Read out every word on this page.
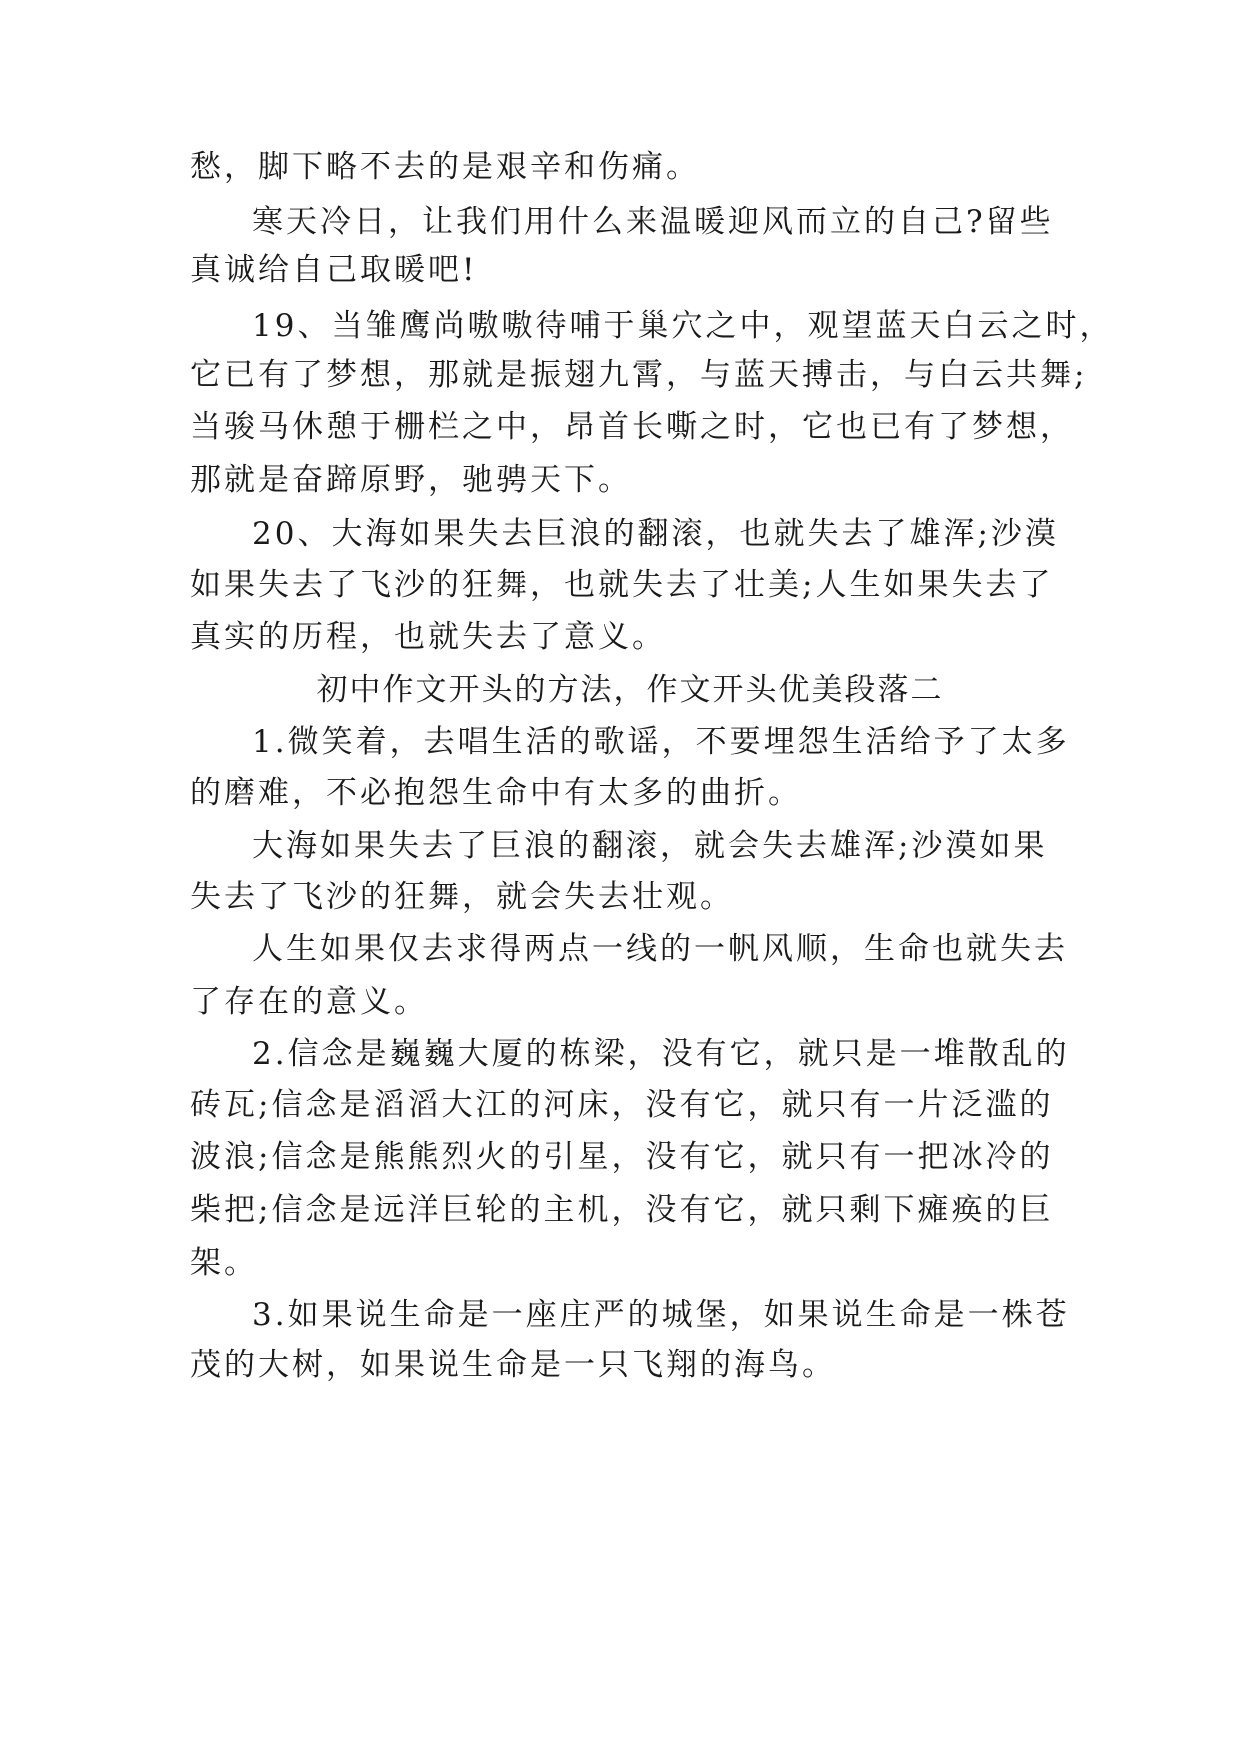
愁，脚下略不去的是艰辛和伤痛。
寒天冷日，让我们用什么来温暖迎风而立的自己?留些
真诚给自己取暖吧!
19、当雏鹰尚嗷嗷待哺于巢穴之中，观望蓝天白云之时，
它已有了梦想，那就是振翅九霄，与蓝天搏击，与白云共舞;
当骏马休憩于栅栏之中，昂首长嘶之时，它也已有了梦想，
那就是奋蹄原野，驰骋天下。
20、大海如果失去巨浪的翻滚，也就失去了雄浑;沙漠
如果失去了飞沙的狂舞，也就失去了壮美;人生如果失去了
真实的历程，也就失去了意义。
初中作文开头的方法，作文开头优美段落二
1.微笑着，去唱生活的歌谣，不要埋怨生活给予了太多
的磨难，不必抱怨生命中有太多的曲折。
大海如果失去了巨浪的翻滚，就会失去雄浑;沙漠如果
失去了飞沙的狂舞，就会失去壮观。
人生如果仅去求得两点一线的一帆风顺，生命也就失去
了存在的意义。
2.信念是巍巍大厦的栋梁，没有它，就只是一堆散乱的
砖瓦;信念是滔滔大江的河床，没有它，就只有一片泛滥的
波浪;信念是熊熊烈火的引星，没有它，就只有一把冰冷的
柴把;信念是远洋巨轮的主机，没有它，就只剩下瘫痪的巨
架。
3.如果说生命是一座庄严的城堡，如果说生命是一株苍
茂的大树，如果说生命是一只飞翔的海鸟。
